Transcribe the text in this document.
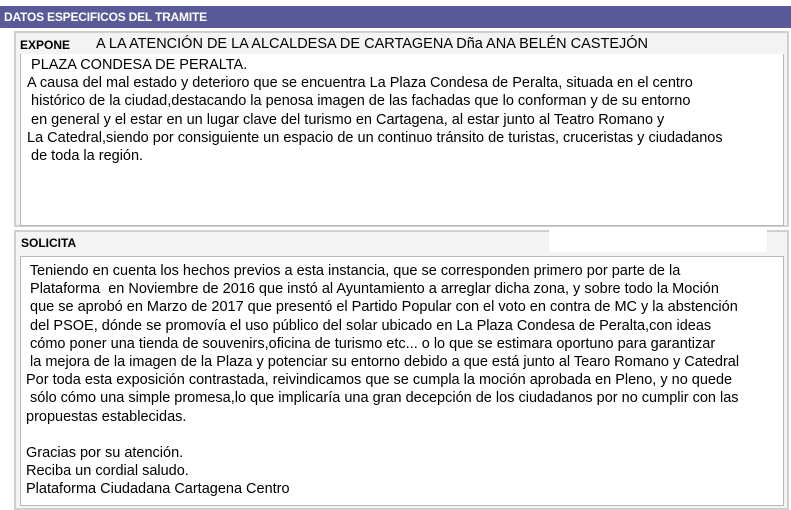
DATOS ESPECIFICOS DEL TRAMITE
EXPONE	A LA ATENCIÓN DE LA ALCALDESA DE CARTAGENA Dña ANA BELÉN CASTEJÓN
PLAZA CONDESA DE PERALTA.
A causa del mal estado y deterioro que se encuentra La Plaza Condesa de Peralta, situada en el centro
histórico de la ciudad,destacando la penosa imagen de las fachadas que lo conforman y de su entorno
en general y el estar en un lugar clave del turismo en Cartagena, al estar junto al Teatro Romano y
La Catedral,siendo por consiguiente un espacio de un continuo tránsito de turistas, cruceristas y ciudadanos
de toda la región.
SOLICITA
Teniendo en cuenta los hechos previos a esta instancia, que se corresponden primero por parte de la
Plataforma  en Noviembre de 2016 que instó al Ayuntamiento a arreglar dicha zona, y sobre todo la Moción
que se aprobó en Marzo de 2017 que presentó el Partido Popular con el voto en contra de MC y la abstención
del PSOE, dónde se promovía el uso público del solar ubicado en La Plaza Condesa de Peralta,con ideas
cómo poner una tienda de souvenirs,oficina de turismo etc... o lo que se estimara oportuno para garantizar
la mejora de la imagen de la Plaza y potenciar su entorno debido a que está junto al Tearo Romano y Catedral
Por toda esta exposición contrastada, reivindicamos que se cumpla la moción aprobada en Pleno, y no quede
sólo cómo una simple promesa,lo que implicaría una gran decepción de los ciudadanos por no cumplir con las
propuestas establecidas.

Gracias por su atención.
Reciba un cordial saludo.
Plataforma Ciudadana Cartagena Centro
